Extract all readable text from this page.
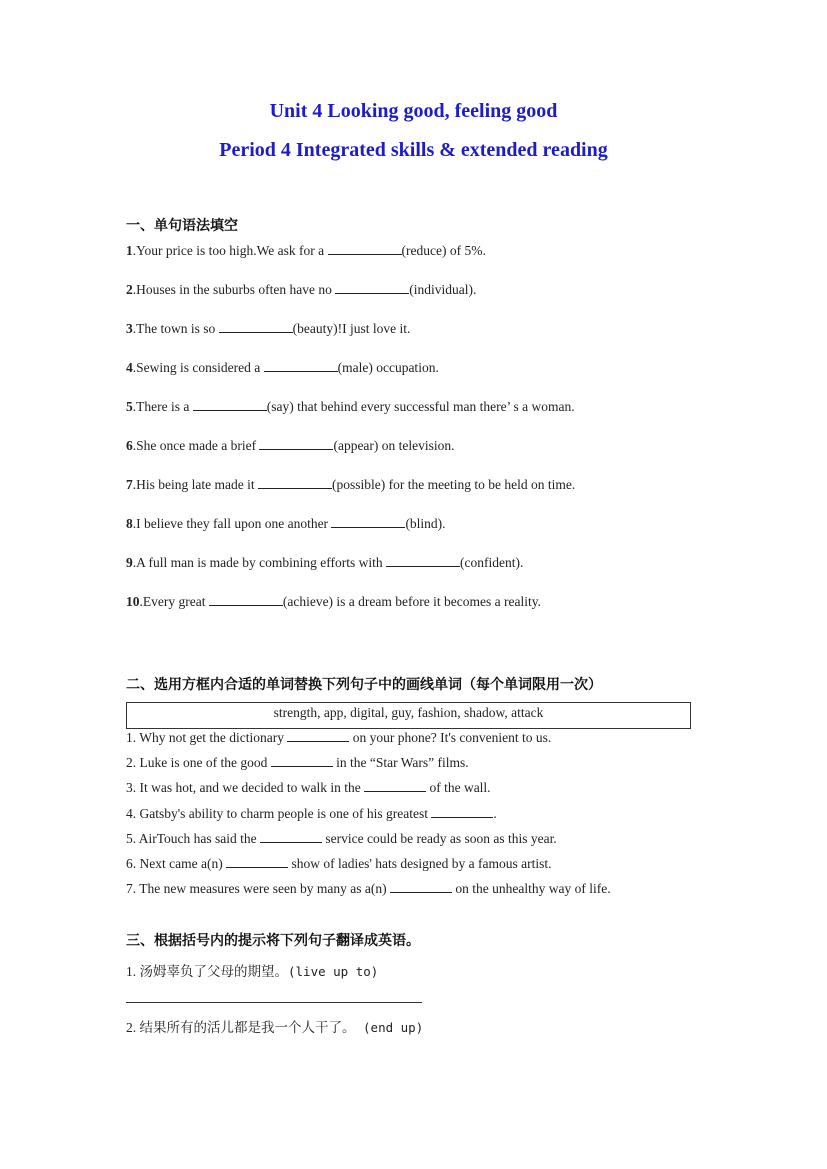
Unit 4 Looking good, feeling good
Period 4 Integrated skills & extended reading
一、单句语法填空
1.Your price is too high.We ask for a	(reduce) of 5%.
2.Houses in the suburbs often have no	(individual).
3.The town is so	(beauty)!I just love it.
4.Sewing is considered a	(male) occupation.
5.There is a	(say) that behind every successful man there’ s a woman.
6.She once made a brief	(appear) on television.
7.His being late made it	(possible) for the meeting to be held on time.
8.I believe they fall upon one another	(blind).
9.A full man is made by combining efforts with	(confident).
10.Every great	(achieve) is a dream before it becomes a reality.
二、选用方框内合适的单词替换下列句子中的画线单词（每个单词限用一次）
strength, app, digital, guy, fashion, shadow, attack
1. Why not get the dictionary	on your phone? It's convenient to us.
2. Luke is one of the good	in the “Star Wars” films.
3. It was hot, and we decided to walk in the	of the wall.
4. Gatsby's ability to charm people is one of his greatest	.
5. AirTouch has said the	service could be ready as soon as this year.
6. Next came a(n)	show of ladies' hats designed by a famous artist.
7. The new measures were seen by many as a(n)	on the unhealthy way of life.
三、根据括号内的提示将下列句子翻译成英语。
1. 汤姆辜负了父母的期望。(live up to)
2. 结果所有的活儿都是我一个人干了。 (end up)
